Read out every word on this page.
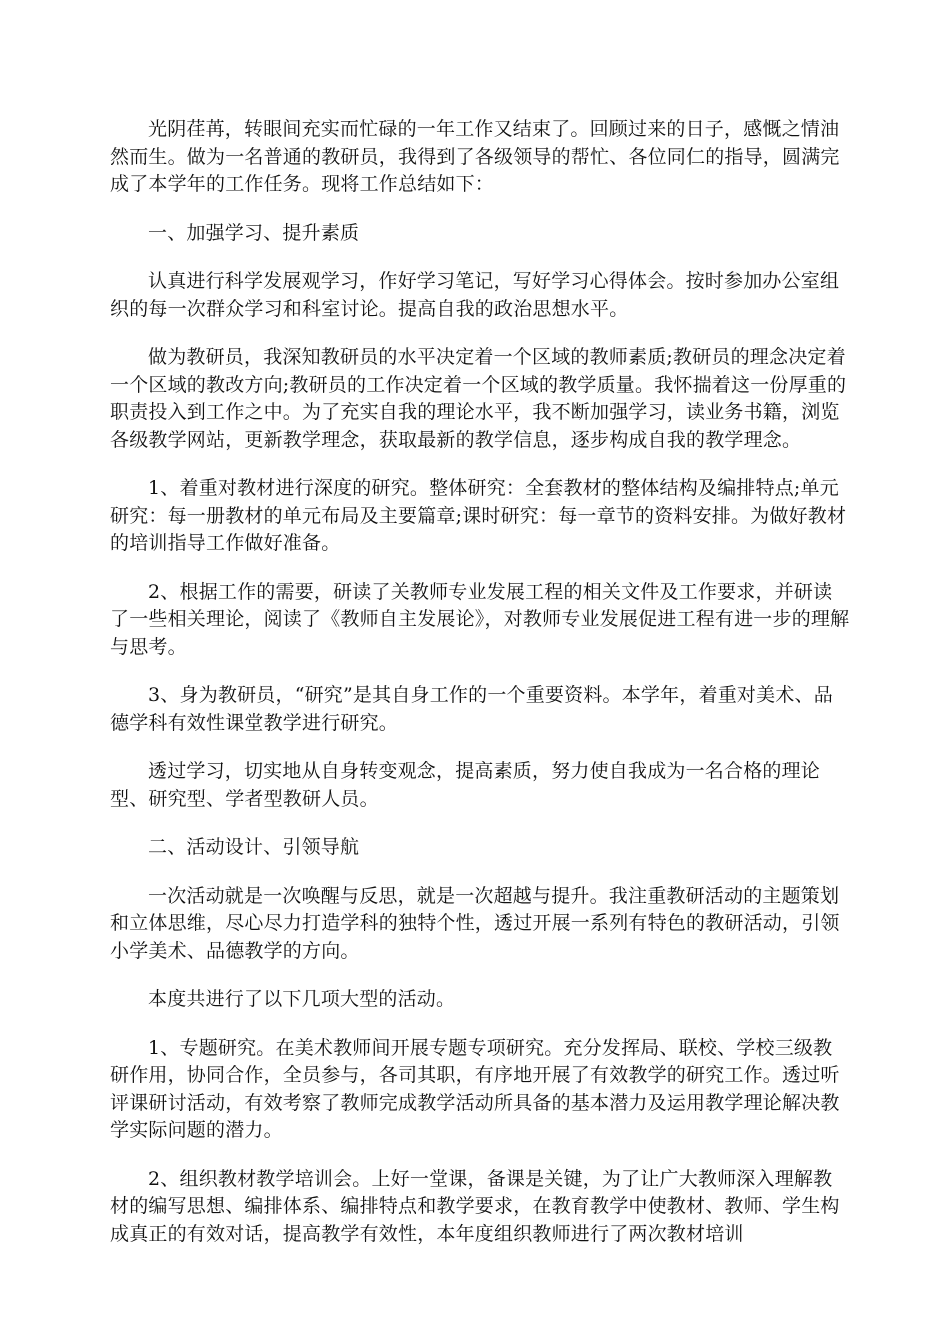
光阴荏苒，转眼间充实而忙碌的一年工作又结束了。回顾过来的日子，感慨之情油然而生。做为一名普通的教研员，我得到了各级领导的帮忙、各位同仁的指导，圆满完成了本学年的工作任务。现将工作总结如下：

一、加强学习、提升素质

认真进行科学发展观学习，作好学习笔记，写好学习心得体会。按时参加办公室组织的每一次群众学习和科室讨论。提高自我的政治思想水平。

做为教研员，我深知教研员的水平决定着一个区域的教师素质;教研员的理念决定着一个区域的教改方向;教研员的工作决定着一个区域的教学质量。我怀揣着这一份厚重的职责投入到工作之中。为了充实自我的理论水平，我不断加强学习，读业务书籍，浏览各级教学网站，更新教学理念，获取最新的教学信息，逐步构成自我的教学理念。

1、着重对教材进行深度的研究。整体研究：全套教材的整体结构及编排特点;单元研究：每一册教材的单元布局及主要篇章;课时研究：每一章节的资料安排。为做好教材的培训指导工作做好准备。

2、根据工作的需要，研读了关教师专业发展工程的相关文件及工作要求，并研读了一些相关理论，阅读了《教师自主发展论》，对教师专业发展促进工程有进一步的理解与思考。

3、身为教研员，“研究”是其自身工作的一个重要资料。本学年，着重对美术、品德学科有效性课堂教学进行研究。

透过学习，切实地从自身转变观念，提高素质，努力使自我成为一名合格的理论型、研究型、学者型教研人员。

二、活动设计、引领导航

一次活动就是一次唤醒与反思，就是一次超越与提升。我注重教研活动的主题策划和立体思维，尽心尽力打造学科的独特个性，透过开展一系列有特色的教研活动，引领小学美术、品德教学的方向。

本度共进行了以下几项大型的活动。

1、专题研究。在美术教师间开展专题专项研究。充分发挥局、联校、学校三级教研作用，协同合作，全员参与，各司其职，有序地开展了有效教学的研究工作。透过听评课研讨活动，有效考察了教师完成教学活动所具备的基本潜力及运用教学理论解决教学实际问题的潜力。

2、组织教材教学培训会。上好一堂课，备课是关键，为了让广大教师深入理解教材的编写思想、编排体系、编排特点和教学要求，在教育教学中使教材、教师、学生构成真正的有效对话，提高教学有效性，本年度组织教师进行了两次教材培训
